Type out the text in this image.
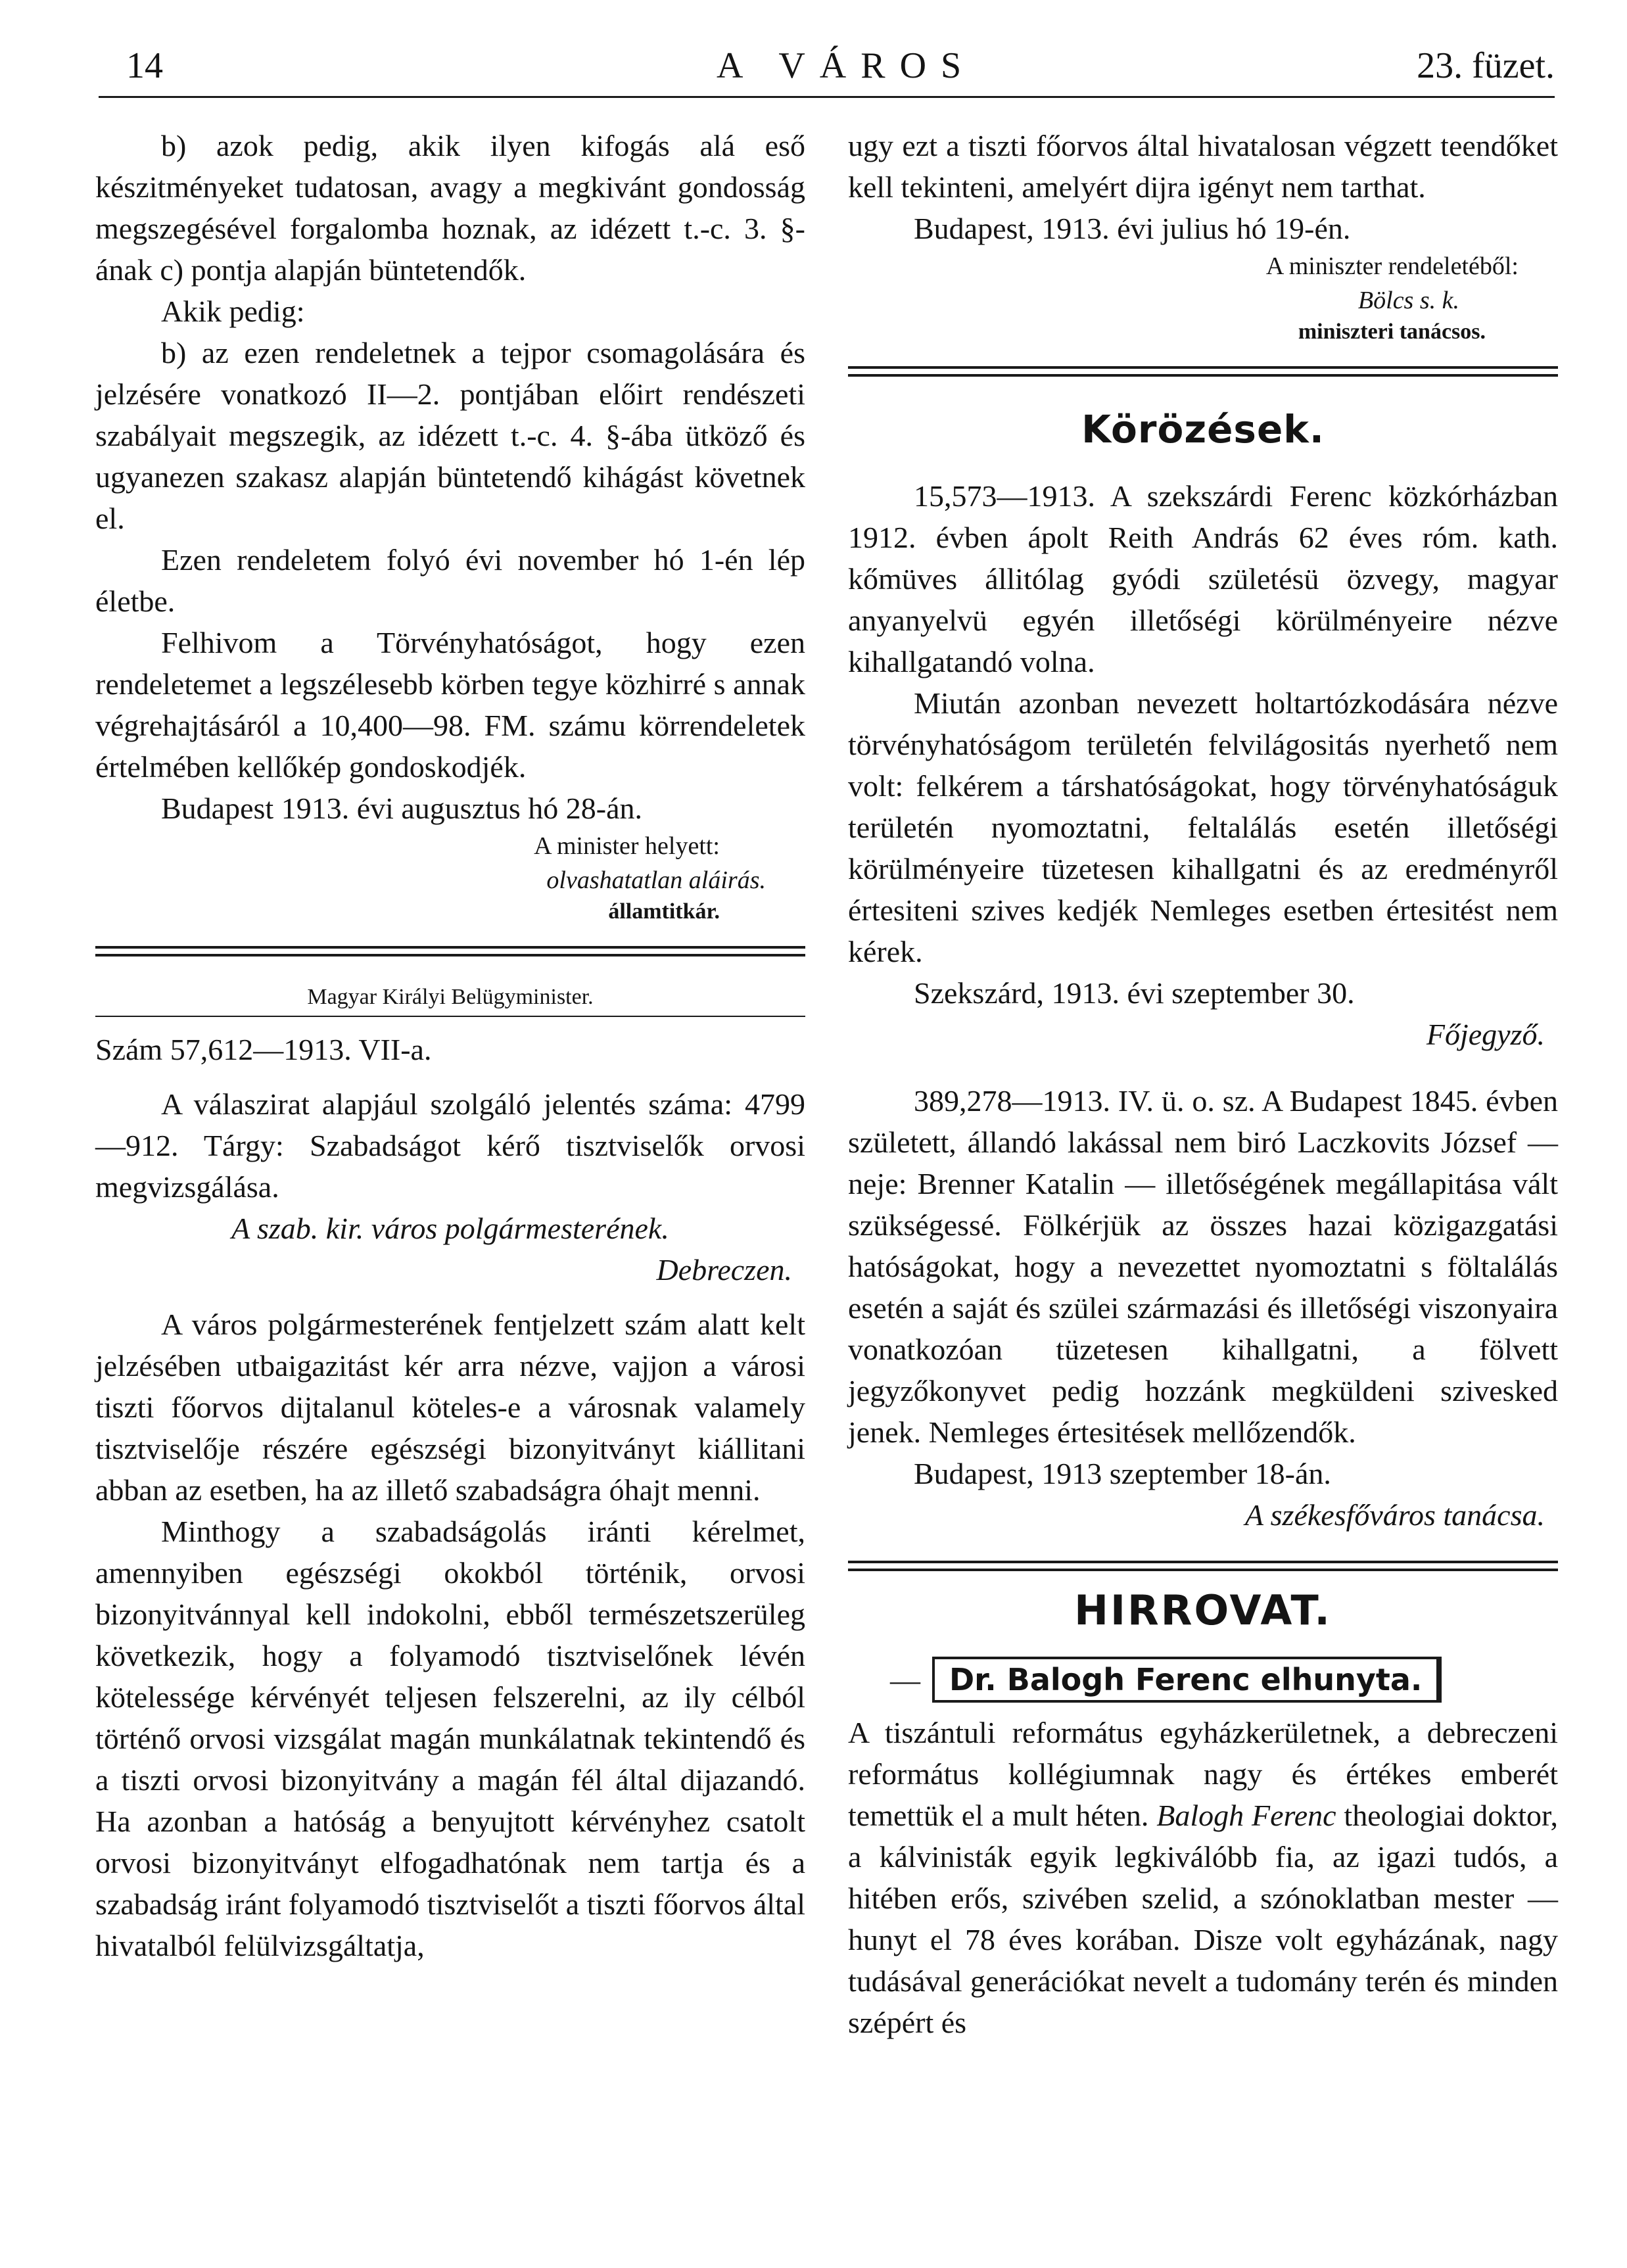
14	A VÁROS	23. füzet.

b) azok pedig, akik ilyen kifogás alá eső készitményeket tudatosan, avagy a megkivánt gondosság megszegésével forgalomba hoznak, az idézett t.-c. 3. §-ának c) pontja alapján büntetendők.

Akik pedig:

b) az ezen rendeletnek a tejpor csomagolására és jelzésére vonatkozó II—2. pontjában előirt rendészeti szabályait megszegik, az idézett t.-c. 4. §-ába ütköző és ugyanezen szakasz alapján büntetendő kihágást követnek el.

Ezen rendeletem folyó évi november hó 1-én lép életbe.

Felhivom a Törvényhatóságot, hogy ezen rendeletemet a legszélesebb körben tegye közhirré s annak végrehajtásáról a 10,400—98. FM. számu körrendeletek értelmében kellőkép gondoskodjék.

Budapest 1913. évi augusztus hó 28-án.

A minister helyett:

olvashatatlan aláirás.

államtitkár.

Magyar Királyi Belügyminister.

Szám 57,612—1913. VII-a.

A válaszirat alapjául szolgáló jelentés száma: 4799—912. Tárgy: Szabadságot kérő tisztviselők orvosi megvizsgálása.

A szab. kir. város polgármesterének.

Debreczen.

A város polgármesterének fentjelzett szám alatt kelt jelzésében utbaigazitást kér arra nézve, vajjon a városi tiszti főorvos dijtalanul köteles-e a városnak valamely tisztviselője részére egészségi bizonyitványt kiállitani abban az esetben, ha az illető szabadságra óhajt menni.

Minthogy a szabadságolás iránti kérelmet, amennyiben egészségi okokból történik, orvosi bizonyitvánnyal kell indokolni, ebből természetszerüleg következik, hogy a folyamodó tisztviselőnek lévén kötelessége kérvényét teljesen felszerelni, az ily célból történő orvosi vizsgálat magán munkálatnak tekintendő és a tiszti orvosi bizonyitvány a magán fél által dijazandó. Ha azonban a hatóság a benyujtott kérvényhez csatolt orvosi bizonyitványt elfogadhatónak nem tartja és a szabadság iránt folyamodó tisztviselőt a tiszti főorvos által hivatalból felülvizsgáltatja,

ugy ezt a tiszti főorvos által hivatalosan végzett teendőket kell tekinteni, amelyért dijra igényt nem tarthat.

Budapest, 1913. évi julius hó 19-én.

A miniszter rendeletéből:

Bölcs s. k.

miniszteri tanácsos.

Körözések.

15,573—1913. A szekszárdi Ferenc közkórházban 1912. évben ápolt Reith András 62 éves róm. kath. kőmüves állitólag gyódi születésü özvegy, magyar anyanyelvü egyén illetőségi körülményeire nézve kihallgatandó volna.

Miután azonban nevezett holtartózkodására nézve törvényhatóságom területén felvilágositás nyerhető nem volt: felkérem a társhatóságokat, hogy törvényhatóságuk területén nyomoztatni, feltalálás esetén illetőségi körülményeire tüzetesen kihallgatni és az eredményről értesiteni szives kedjék Nemleges esetben értesitést nem kérek.

Szekszárd, 1913. évi szeptember 30.

Főjegyző.

389,278—1913. IV. ü. o. sz. A Budapest 1845. évben született, állandó lakással nem biró Laczkovits József — neje: Brenner Katalin — illetőségének megállapitása vált szükségessé. Fölkérjük az összes hazai közigazgatási hatóságokat, hogy a nevezettet nyomoztatni s föltalálás esetén a saját és szülei származási és illetőségi viszonyaira vonatkozóan tüzetesen kihallgatni, a fölvett jegyzőkonyvet pedig hozzánk megküldeni szivesked jenek. Nemleges értesitések mellőzendők.

Budapest, 1913 szeptember 18-án.

A székesfőváros tanácsa.

HIRROVAT.

— Dr. Balogh Ferenc elhunyta.

A tiszántuli református egyházkerületnek, a debreczeni református kollégiumnak nagy és értékes emberét temettük el a mult héten. Balogh Ferenc theologiai doktor, a kálvinisták egyik legkiválóbb fia, az igazi tudós, a hitében erős, szivében szelid, a szónoklatban mester — hunyt el 78 éves korában. Disze volt egyházának, nagy tudásával generációkat nevelt a tudomány terén és minden szépért és
